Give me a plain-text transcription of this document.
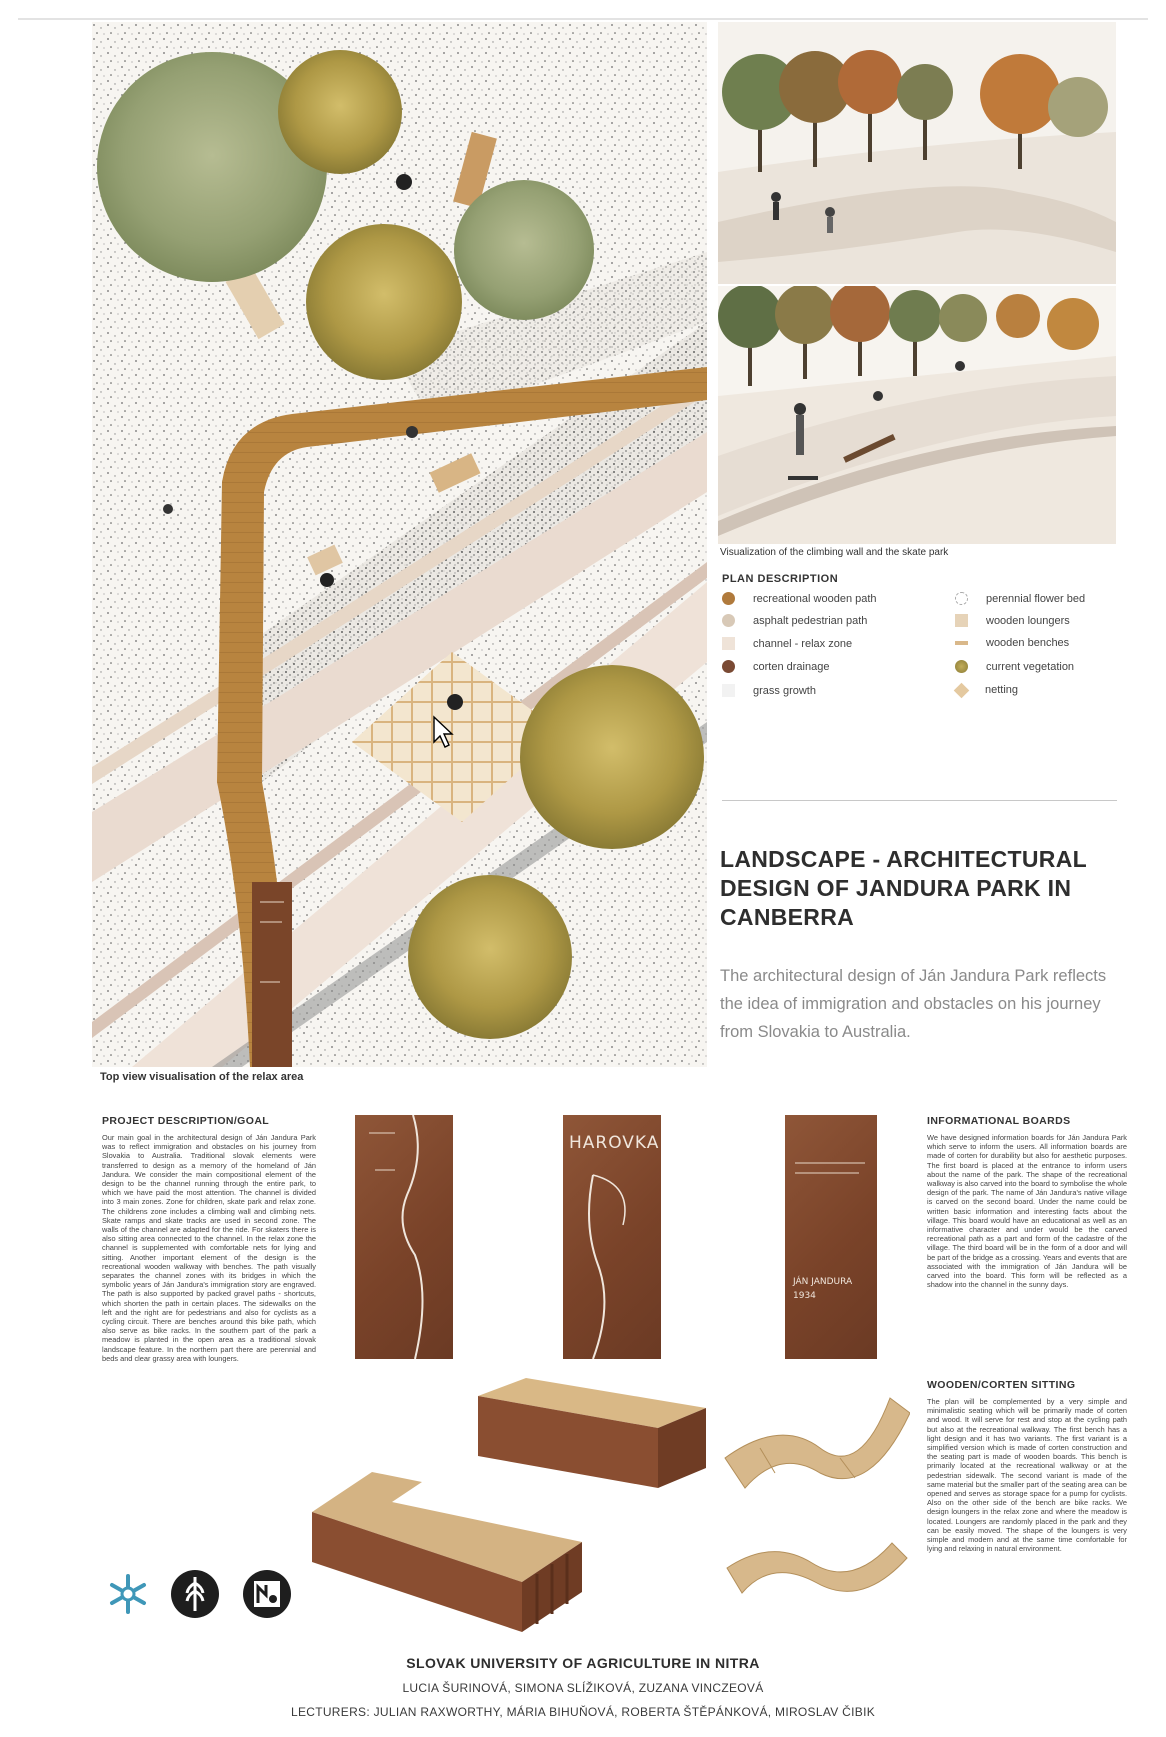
Top view visualisation of the relax area
Visualization of the climbing wall and the skate park
PLAN DESCRIPTION
recreational wooden path
asphalt pedestrian path
channel - relax zone
corten drainage
grass growth
perennial flower bed
wooden loungers
wooden benches
current vegetation
netting
LANDSCAPE - ARCHITECTURAL DESIGN OF JANDURA PARK IN CANBERRA

The architectural design of Ján Jandura Park reflects the idea of immigration and obstacles on his journey from Slovakia to Australia.

PROJECT DESCRIPTION/GOAL

Our main goal in the architectural design of Ján Jandura Park was to reflect immigration and obstacles on his journey from Slovakia to Australia. Traditional slovak elements were transferred to design as a memory of the homeland of Ján Jandura. We consider the main compositional element of the design to be the channel running through the entire park, to which we have paid the most attention. The channel is divided into 3 main zones. Zone for children, skate park and relax zone. The childrens zone includes a climbing wall and climbing nets. Skate ramps and skate tracks are used in second zone. The walls of the channel are adapted for the ride. For skaters there is also sitting area connected to the channel. In the relax zone the channel is supplemented with comfortable nets for lying and sitting. Another important element of the design is the recreational wooden walkway with benches. The path visually separates the channel zones with its bridges in which the symbolic years of Ján Jandura's immigration story are engraved. The path is also supported by packed gravel paths - shortcuts, which shorten the path in certain places. The sidewalks on the left and the right are for pedestrians and also for cyclists as a cycling circuit. There are benches around this bike path, which also serve as bike racks. In the southern part of the park a meadow is planted in the open area as a traditional slovak landscape feature. In the northern part there are perennial and beds and clear grassy area with loungers.

HAROVKA
JÁN JANDURA 1934
INFORMATIONAL BOARDS

We have designed information boards for Ján Jandura Park which serve to inform the users. All information boards are made of corten for durability but also for aesthetic purposes. The first board is placed at the entrance to inform users about the name of the park. The shape of the recreational walkway is also carved into the board to symbolise the whole design of the park. The name of Ján Jandura's native village is carved on the second board. Under the name could be written basic information and interesting facts about the village. This board would have an educational as well as an informative character and under would be the carved recreational path as a part and form of the cadastre of the village. The third board will be in the form of a door and will be part of the bridge as a crossing. Years and events that are associated with the immigration of Ján Jandura will be carved into the board. This form will be reflected as a shadow into the channel in the sunny days.

WOODEN/CORTEN SITTING

The plan will be complemented by a very simple and minimalistic seating which will be primarily made of corten and wood. It will serve for rest and stop at the cycling path but also at the recreational walkway. The first bench has a light design and it has two variants. The first variant is a simplified version which is made of corten construction and the seating part is made of wooden boards. This bench is primarily located at the recreational walkway or at the pedestrian sidewalk. The second variant is made of the same material but the smaller part of the seating area can be opened and serves as storage space for a pump for cyclists. Also on the other side of the bench are bike racks. We design loungers in the relax zone and where the meadow is located. Loungers are randomly placed in the park and they can be easily moved. The shape of the loungers is very simple and modern and at the same time comfortable for lying and relaxing in natural environment.

SLOVAK UNIVERSITY OF AGRICULTURE IN NITRA
LUCIA ŠURINOVÁ, SIMONA SLÍŽIKOVÁ, ZUZANA VINCZEOVÁ
LECTURERS: JULIAN RAXWORTHY, MÁRIA BIHUŇOVÁ, ROBERTA ŠTĚPÁNKOVÁ, MIROSLAV ČIBIK
